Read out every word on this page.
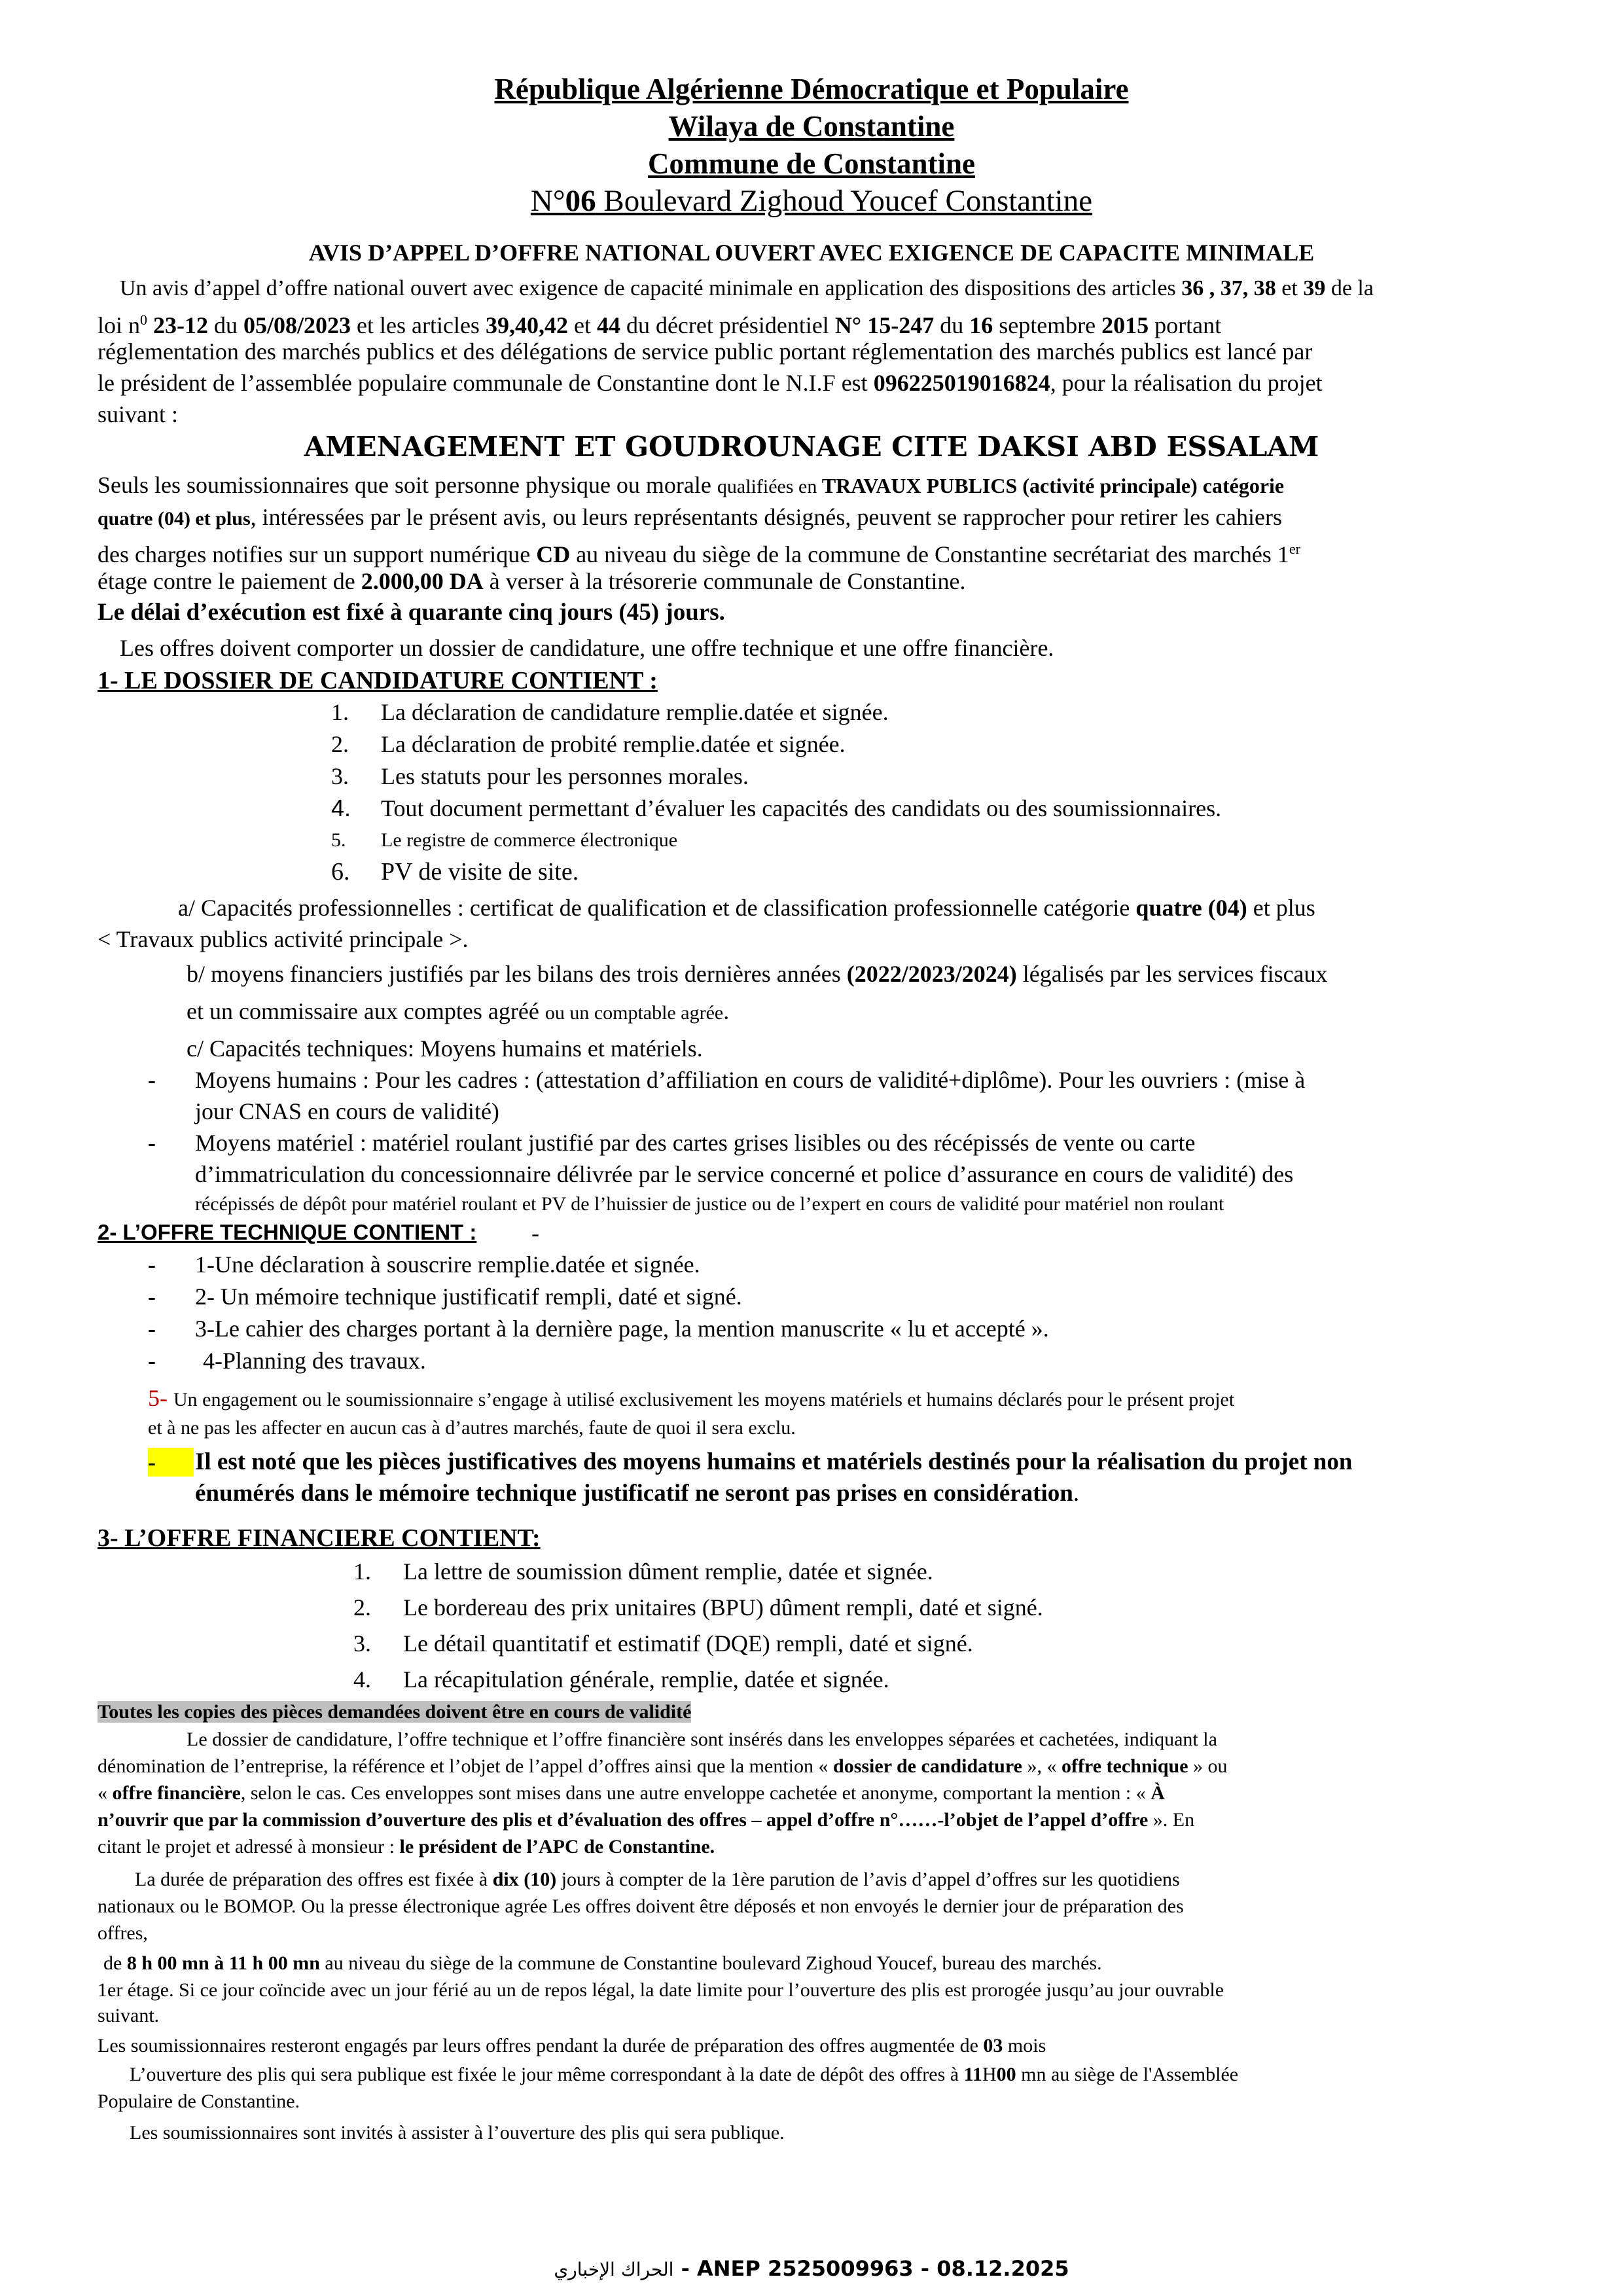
République Algérienne Démocratique et Populaire
Wilaya de Constantine
Commune de Constantine
N°06 Boulevard Zighoud Youcef Constantine
AVIS D’APPEL D’OFFRE NATIONAL OUVERT AVEC EXIGENCE DE CAPACITE MINIMALE
Un avis d’appel d’offre national ouvert avec exigence de capacité minimale en application des dispositions des articles 36 , 37, 38 et 39 de la
loi $n^0$ 23-12 du 05/08/2023 et les articles 39,40,42 et 44 du décret présidentiel N° 15-247 du 16 septembre 2015 portant
réglementation des marchés publics et des délégations de service public portant réglementation des marchés publics est lancé par
le président de l’assemblée populaire communale de Constantine dont le N.I.F est 096225019016824, pour la réalisation du projet
suivant :
AMENAGEMENT ET GOUDROUNAGE CITE DAKSI ABD ESSALAM
Seuls les soumissionnaires que soit personne physique ou morale qualifiées en TRAVAUX PUBLICS (activité principale) catégorie
quatre (04) et plus, intéressées par le présent avis, ou leurs représentants désignés, peuvent se rapprocher pour retirer les cahiers
des charges notifies sur un support numérique CD au niveau du siège de la commune de Constantine secrétariat des marchés 1er
étage contre le paiement de 2.000,00 DA à verser à la trésorerie communale de Constantine.
Le délai d’exécution est fixé à quarante cinq jours (45) jours.
Les offres doivent comporter un dossier de candidature, une offre technique et une offre financière.
1- LE DOSSIER DE CANDIDATURE CONTIENT :
1. La déclaration de candidature remplie.datée et signée.
2. La déclaration de probité remplie.datée et signée.
3. Les statuts pour les personnes morales.
4. Tout document permettant d’évaluer les capacités des candidats ou des soumissionnaires.
5. Le registre de commerce électronique
6. PV de visite de site.
a/ Capacités professionnelles : certificat de qualification et de classification professionnelle catégorie quatre (04) et plus
< Travaux publics activité principale >.
b/ moyens financiers justifiés par les bilans des trois dernières années (2022/2023/2024) légalisés par les services fiscaux
et un commissaire aux comptes agréé ou un comptable agrée.
c/ Capacités techniques: Moyens humains et matériels.
- Moyens humains : Pour les cadres : (attestation d’affiliation en cours de validité+diplôme). Pour les ouvriers : (mise à
jour CNAS en cours de validité)
- Moyens matériel : matériel roulant justifié par des cartes grises lisibles ou des récépissés de vente ou carte
d’immatriculation du concessionnaire délivrée par le service concerné et police d’assurance en cours de validité) des
récépissés de dépôt pour matériel roulant et PV de l’huissier de justice ou de l’expert en cours de validité pour matériel non roulant
2- L’OFFRE TECHNIQUE CONTIENT : -
- 1-Une déclaration à souscrire remplie.datée et signée.
- 2- Un mémoire technique justificatif rempli, daté et signé.
- 3-Le cahier des charges portant à la dernière page, la mention manuscrite « lu et accepté ».
- 4-Planning des travaux.
5- Un engagement ou le soumissionnaire s’engage à utilisé exclusivement les moyens matériels et humains déclarés pour le présent projet
et à ne pas les affecter en aucun cas à d’autres marchés, faute de quoi il sera exclu.
-	Il est noté que les pièces justificatives des moyens humains et matériels destinés pour la réalisation du projet non
énumérés dans le mémoire technique justificatif ne seront pas prises en considération.
3- L’OFFRE FINANCIERE CONTIENT:
1. La lettre de soumission dûment remplie, datée et signée.
2. Le bordereau des prix unitaires (BPU) dûment rempli, daté et signé.
3. Le détail quantitatif et estimatif (DQE) rempli, daté et signé.
4. La récapitulation générale, remplie, datée et signée.
Toutes les copies des pièces demandées doivent être en cours de validité
Le dossier de candidature, l’offre technique et l’offre financière sont insérés dans les enveloppes séparées et cachetées, indiquant la
dénomination de l’entreprise, la référence et l’objet de l’appel d’offres ainsi que la mention « dossier de candidature », « offre technique » ou
« offre financière, selon le cas. Ces enveloppes sont mises dans une autre enveloppe cachetée et anonyme, comportant la mention : « À
n’ouvrir que par la commission d’ouverture des plis et d’évaluation des offres – appel d’offre n°……-l’objet de l’appel d’offre ». En
citant le projet et adressé à monsieur : le président de l’APC de Constantine.
La durée de préparation des offres est fixée à dix (10) jours à compter de la 1ère parution de l’avis d’appel d’offres sur les quotidiens
nationaux ou le BOMOP. Ou la presse électronique agrée Les offres doivent être déposés et non envoyés le dernier jour de préparation des
offres,
de 8 h 00 mn à 11 h 00 mn au niveau du siège de la commune de Constantine boulevard Zighoud Youcef, bureau des marchés.
1er étage. Si ce jour coïncide avec un jour férié au un de repos légal, la date limite pour l’ouverture des plis est prorogée jusqu’au jour ouvrable
suivant.
Les soumissionnaires resteront engagés par leurs offres pendant la durée de préparation des offres augmentée de 03 mois
L’ouverture des plis qui sera publique est fixée le jour même correspondant à la date de dépôt des offres à 11H00 mn au siège de l'Assemblée
Populaire de Constantine.
Les soumissionnaires sont invités à assister à l’ouverture des plis qui sera publique.
الحراك الإخباري - ANEP 2525009963 - 08.12.2025
